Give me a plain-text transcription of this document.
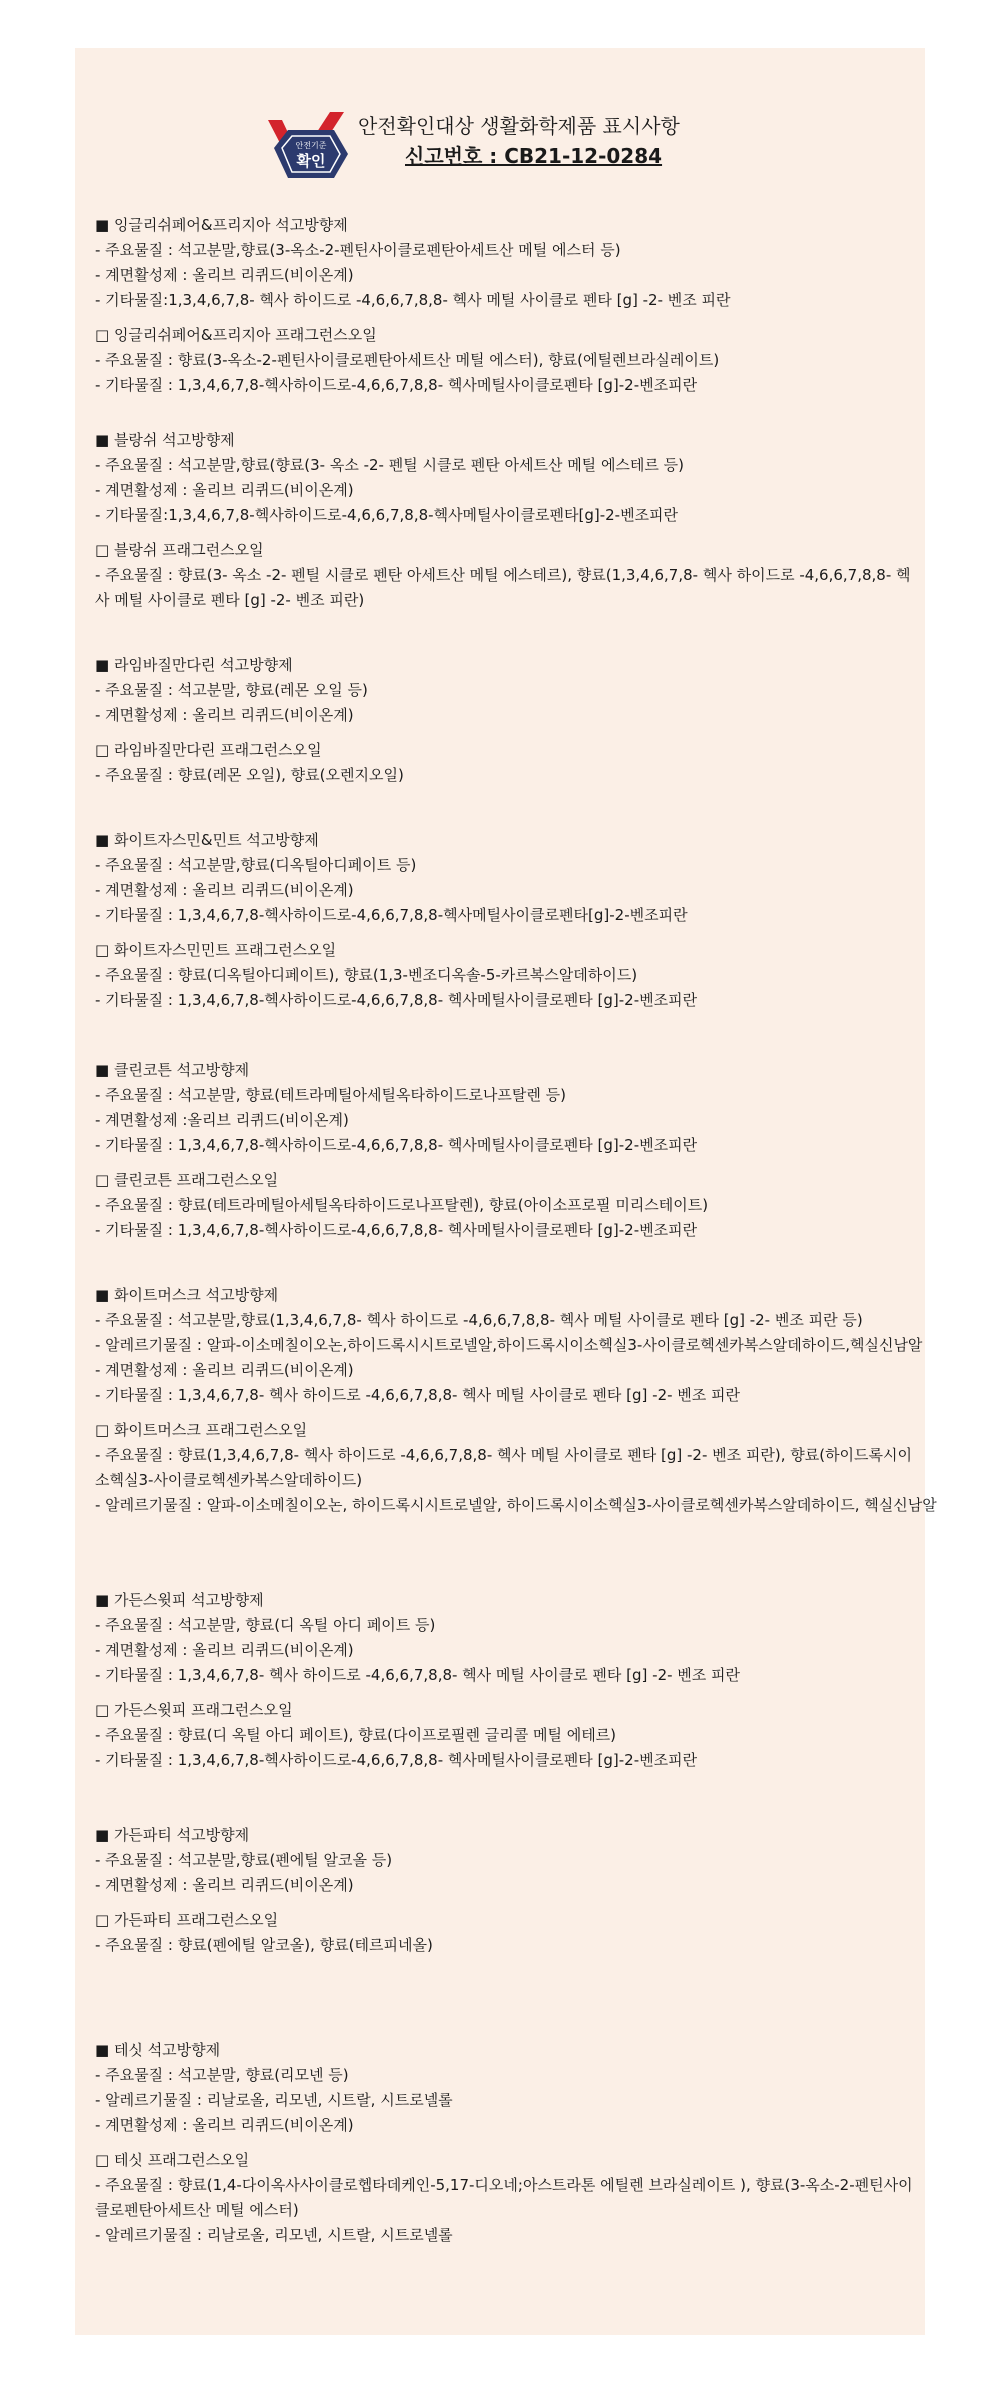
안전기준
확인
안전확인대상 생활화학제품 표시사항
신고번호 : CB21-12-0284
■ 잉글리쉬페어&프리지아 석고방향제
- 주요물질 : 석고분말,향료(3-옥소-2-펜틴사이클로펜탄아세트산 메틸 에스터 등)
- 계면활성제 : 올리브 리퀴드(비이온계)
- 기타물질:1,3,4,6,7,8- 헥사 하이드로 -4,6,6,7,8,8- 헥사 메틸 사이클로 펜타 [g] -2- 벤조 피란
□ 잉글리쉬페어&프리지아 프래그런스오일
- 주요물질 : 향료(3-옥소-2-펜틴사이클로펜탄아세트산 메틸 에스터), 향료(에틸렌브라실레이트)
- 기타물질 : 1,3,4,6,7,8-헥사하이드로-4,6,6,7,8,8- 헥사메틸사이클로펜타 [g]-2-벤조피란
■ 블랑쉬 석고방향제
- 주요물질 : 석고분말,향료(향료(3- 옥소 -2- 펜틸 시클로 펜탄 아세트산 메틸 에스테르 등)
- 계면활성제 : 올리브 리퀴드(비이온계)
- 기타물질:1,3,4,6,7,8-헥사하이드로-4,6,6,7,8,8-헥사메틸사이클로펜타[g]-2-벤조피란
□ 블랑쉬 프래그런스오일
- 주요물질 : 향료(3- 옥소 -2- 펜틸 시클로 펜탄 아세트산 메틸 에스테르), 향료(1,3,4,6,7,8- 헥사 하이드로 -4,6,6,7,8,8- 헥사 메틸 사이클로 펜타 [g] -2- 벤조 피란)
■ 라임바질만다린 석고방향제
- 주요물질 : 석고분말, 향료(레몬 오일 등)
- 계면활성제 : 올리브 리퀴드(비이온계)
□ 라임바질만다린 프래그런스오일
- 주요물질 : 향료(레몬 오일), 향료(오렌지오일)
■ 화이트자스민&민트 석고방향제
- 주요물질 : 석고분말,향료(디옥틸아디페이트 등)
- 계면활성제 : 올리브 리퀴드(비이온계)
- 기타물질 : 1,3,4,6,7,8-헥사하이드로-4,6,6,7,8,8-헥사메틸사이클로펜타[g]-2-벤조피란
□ 화이트자스민민트 프래그런스오일
- 주요물질 : 향료(디옥틸아디페이트), 향료(1,3-벤조디옥솔-5-카르복스알데하이드)
- 기타물질 : 1,3,4,6,7,8-헥사하이드로-4,6,6,7,8,8- 헥사메틸사이클로펜타 [g]-2-벤조피란
■ 클린코튼 석고방향제
- 주요물질 : 석고분말, 향료(테트라메틸아세틸옥타하이드로나프탈렌 등)
- 계면활성제 :올리브 리퀴드(비이온계)
- 기타물질 : 1,3,4,6,7,8-헥사하이드로-4,6,6,7,8,8- 헥사메틸사이클로펜타 [g]-2-벤조피란
□ 클린코튼 프래그런스오일
- 주요물질 : 향료(테트라메틸아세틸옥타하이드로나프탈렌), 향료(아이소프로필 미리스테이트)
- 기타물질 : 1,3,4,6,7,8-헥사하이드로-4,6,6,7,8,8- 헥사메틸사이클로펜타 [g]-2-벤조피란
■ 화이트머스크 석고방향제
- 주요물질 : 석고분말,향료(1,3,4,6,7,8- 헥사 하이드로 -4,6,6,7,8,8- 헥사 메틸 사이클로 펜타 [g] -2- 벤조 피란 등)
- 알레르기물질 : 알파-이소메칠이오논,하이드록시시트로넬알,하이드록시이소헥실3-사이클로헥센카복스알데하이드,헥실신남알
- 계면활성제 : 올리브 리퀴드(비이온계)
- 기타물질 : 1,3,4,6,7,8- 헥사 하이드로 -4,6,6,7,8,8- 헥사 메틸 사이클로 펜타 [g] -2- 벤조 피란
□ 화이트머스크 프래그런스오일
- 주요물질 : 향료(1,3,4,6,7,8- 헥사 하이드로 -4,6,6,7,8,8- 헥사 메틸 사이클로 펜타 [g] -2- 벤조 피란), 향료(하이드록시이소헥실3-사이클로헥센카복스알데하이드)
- 알레르기물질 : 알파-이소메칠이오논, 하이드록시시트로넬알, 하이드록시이소헥실3-사이클로헥센카복스알데하이드, 헥실신남알
■ 가든스윗피 석고방향제
- 주요물질 : 석고분말, 향료(디 옥틸 아디 페이트 등)
- 계면활성제 : 올리브 리퀴드(비이온계)
- 기타물질 : 1,3,4,6,7,8- 헥사 하이드로 -4,6,6,7,8,8- 헥사 메틸 사이클로 펜타 [g] -2- 벤조 피란
□ 가든스윗피 프래그런스오일
- 주요물질 : 향료(디 옥틸 아디 페이트), 향료(다이프로필렌 글리콜 메틸 에테르)
- 기타물질 : 1,3,4,6,7,8-헥사하이드로-4,6,6,7,8,8- 헥사메틸사이클로펜타 [g]-2-벤조피란
■ 가든파티 석고방향제
- 주요물질 : 석고분말,향료(펜에틸 알코올 등)
- 계면활성제 : 올리브 리퀴드(비이온계)
□ 가든파티 프래그런스오일
- 주요물질 : 향료(펜에틸 알코올), 향료(테르피네올)
■ 테싯 석고방향제
- 주요물질 : 석고분말, 향료(리모넨 등)
- 알레르기물질 : 리날로올, 리모넨, 시트랄, 시트로넬롤
- 계면활성제 : 올리브 리퀴드(비이온계)
□ 테싯 프래그런스오일
- 주요물질 : 향료(1,4-다이옥사사이클로헵타데케인-5,17-디오네;아스트라톤 에틸렌 브라실레이트 ), 향료(3-옥소-2-펜틴사이클로펜탄아세트산 메틸 에스터)
- 알레르기물질 : 리날로올, 리모넨, 시트랄, 시트로넬롤
